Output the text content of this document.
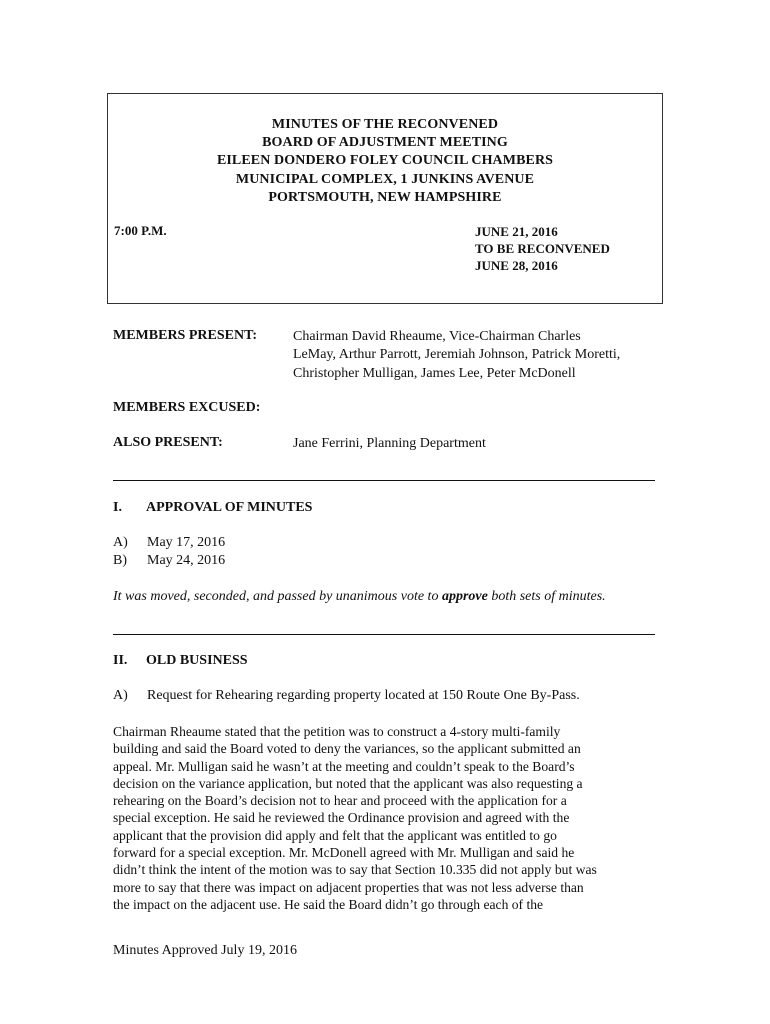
MINUTES OF THE RECONVENED
BOARD OF ADJUSTMENT MEETING
EILEEN DONDERO FOLEY COUNCIL CHAMBERS
MUNICIPAL COMPLEX, 1 JUNKINS AVENUE
PORTSMOUTH, NEW HAMPSHIRE
7:00 P.M.	JUNE 21, 2016
TO BE RECONVENED
JUNE 28, 2016
MEMBERS PRESENT:	Chairman David Rheaume, Vice-Chairman Charles
LeMay, Arthur Parrott, Jeremiah Johnson, Patrick Moretti,
Christopher Mulligan, James Lee, Peter McDonell
MEMBERS EXCUSED:
ALSO PRESENT:	Jane Ferrini, Planning Department
I. APPROVAL OF MINUTES
A) May 17, 2016
B) May 24, 2016
It was moved, seconded, and passed by unanimous vote to approve both sets of minutes.
II. OLD BUSINESS
A) Request for Rehearing regarding property located at 150 Route One By-Pass.
Chairman Rheaume stated that the petition was to construct a 4-story multi-family
building and said the Board voted to deny the variances, so the applicant submitted an
appeal. Mr. Mulligan said he wasn’t at the meeting and couldn’t speak to the Board’s
decision on the variance application, but noted that the applicant was also requesting a
rehearing on the Board’s decision not to hear and proceed with the application for a
special exception. He said he reviewed the Ordinance provision and agreed with the
applicant that the provision did apply and felt that the applicant was entitled to go
forward for a special exception. Mr. McDonell agreed with Mr. Mulligan and said he
didn’t think the intent of the motion was to say that Section 10.335 did not apply but was
more to say that there was impact on adjacent properties that was not less adverse than
the impact on the adjacent use. He said the Board didn’t go through each of the
Minutes Approved July 19, 2016
